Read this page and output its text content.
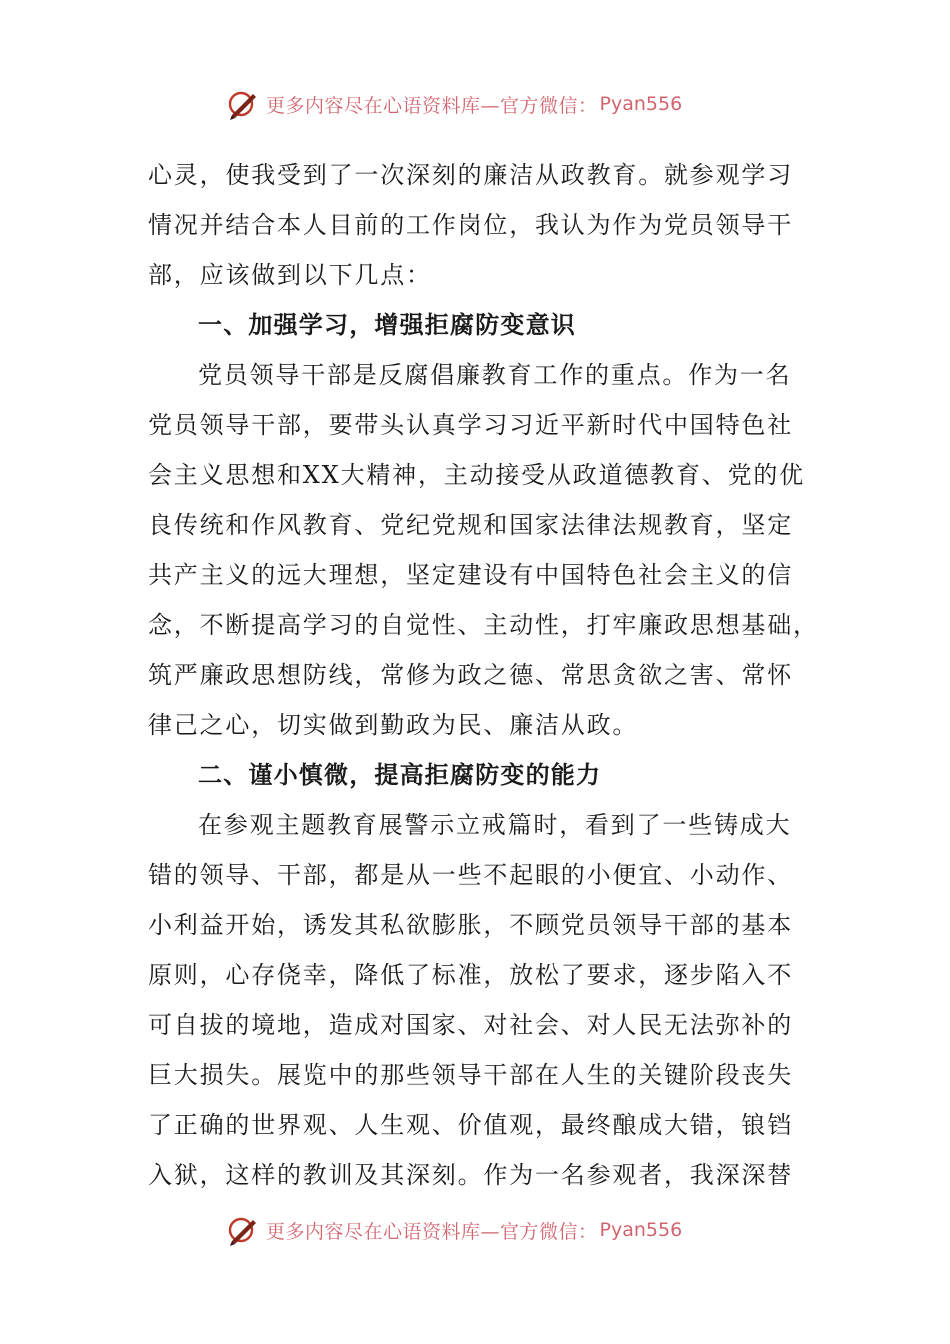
更多内容尽在心语资料库—官方微信： Pyan556
心灵，使我受到了一次深刻的廉洁从政教育。就参观学习
情况并结合本人目前的工作岗位，我认为作为党员领导干
部，应该做到以下几点：
一、加强学习，增强拒腐防变意识
党员领导干部是反腐倡廉教育工作的重点。作为一名
党员领导干部，要带头认真学习习近平新时代中国特色社
会主义思想和XX大精神，主动接受从政道德教育、党的优
良传统和作风教育、党纪党规和国家法律法规教育，坚定
共产主义的远大理想，坚定建设有中国特色社会主义的信
念，不断提高学习的自觉性、主动性，打牢廉政思想基础，
筑严廉政思想防线，常修为政之德、常思贪欲之害、常怀
律己之心，切实做到勤政为民、廉洁从政。
二、谨小慎微，提高拒腐防变的能力
在参观主题教育展警示立戒篇时，看到了一些铸成大
错的领导、干部，都是从一些不起眼的小便宜、小动作、
小利益开始，诱发其私欲膨胀，不顾党员领导干部的基本
原则，心存侥幸，降低了标准，放松了要求，逐步陷入不
可自拔的境地，造成对国家、对社会、对人民无法弥补的
巨大损失。展览中的那些领导干部在人生的关键阶段丧失
了正确的世界观、人生观、价值观，最终酿成大错，锒铛
入狱，这样的教训及其深刻。作为一名参观者，我深深替
更多内容尽在心语资料库—官方微信： Pyan556
